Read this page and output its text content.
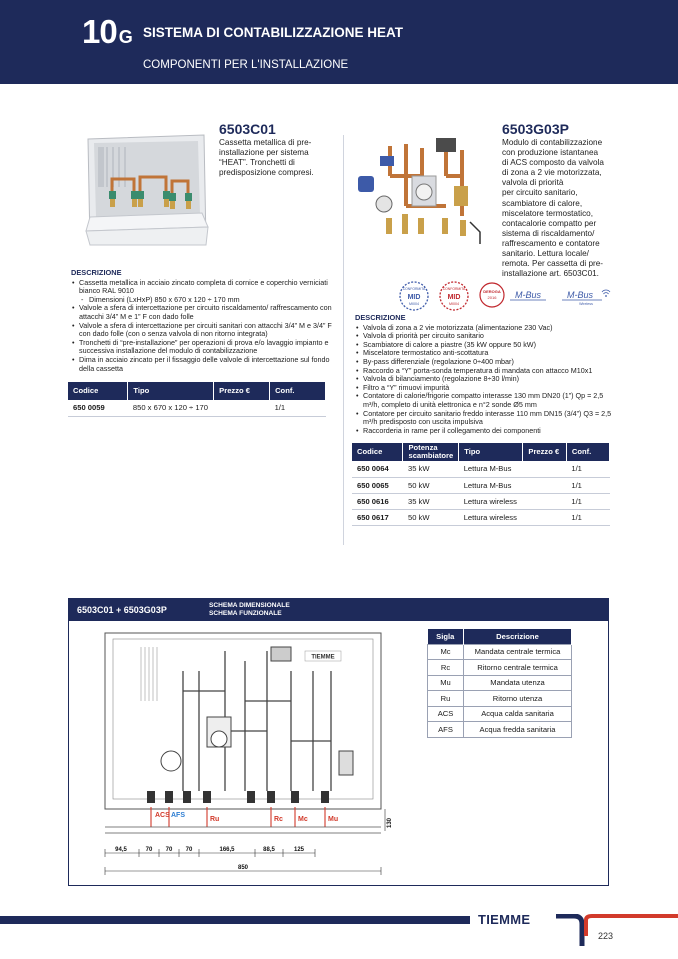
10 G SISTEMA DI CONTABILIZZAZIONE HEAT
COMPONENTI PER L'INSTALLAZIONE
6503C01
Cassetta metallica di pre-
installazione per sistema
“HEAT”. Tronchetti di
predisposizione compresi.
DESCRIZIONE
• Cassetta metallica in acciaio zincato completa di cornice e coperchio verniciati bianco RAL 9010
- Dimensioni (LxHxP) 850 x 670 x 120 ÷ 170 mm
• Valvole a sfera di intercettazione per circuito riscaldamento/ raffrescamento con attacchi 3/4” M e 1” F con dado folle
• Valvole a sfera di intercettazione per circuiti sanitari con attacchi 3/4” M e 3/4” F con dado folle (con o senza valvola di non ritorno integrata)
• Tronchetti di “pre-installazione” per operazioni di prova e/o lavaggio impianto e successiva installazione del modulo di contabilizzazione
• Dima in acciaio zincato per il fissaggio delle valvole di intercettazione sul fondo della cassetta
Codice	Tipo	Prezzo €	Conf.
650 0059	850 x 670 x 120 ÷ 170		1/1
6503G03P
Modulo di contabilizzazione
con produzione istantanea
di ACS composto da valvola
di zona a 2 vie motorizzata,
valvola di priorità
per circuito sanitario,
scambiatore di calore,
miscelatore termostatico,
contacalorie compatto per
sistema di riscaldamento/
raffrescamento e contatore
sanitario. Lettura locale/
remota. Per cassetta di pre-
installazione art. 6503C01.
CONFORMITA
MID
MI004
CONFORMITA
MID
MI004
DEROGA
2016 M-Bus	M-Bus
Wireless
DESCRIZIONE
• Valvola di zona a 2 vie motorizzata (alimentazione 230 Vac)
• Valvola di priorità per circuito sanitario
• Scambiatore di calore a piastre (35 kW oppure 50 kW)
• Miscelatore termostatico anti-scottatura
• By-pass differenziale (regolazione 0÷400 mbar)
• Raccordo a “Y” porta-sonda temperatura di mandata con attacco M10x1
• Valvola di bilanciamento (regolazione 8÷30 l/min)
• Filtro a “Y” rimuovi impurità
• Contatore di calorie/frigorie compatto interasse 130 mm DN20 (1”) Qp = 2,5 m³/h, completo di unità elettronica e n°2 sonde Ø5 mm
• Contatore per circuito sanitario freddo interasse 110 mm DN15 (3/4”) Q3 = 2,5 m³/h predisposto con uscita impulsiva
• Raccorderia in rame per il collegamento dei componenti
Codice	Potenza scambiatore	Tipo	Prezzo €	Conf.
650 0064	35 kW	Lettura M-Bus		1/1
650 0065	50 kW	Lettura M-Bus		1/1
650 0616	35 kW	Lettura wireless		1/1
650 0617	50 kW	Lettura wireless		1/1
6503C01 + 6503G03P	SCHEMA DIMENSIONALE
SCHEMA FUNZIONALE
TIEMME
ACS AFS
Ru	Rc Mc	Mu	130
94,5	70 70 70	166,5	88,5	125
850
Sigla	Descrizione
Mc	Mandata centrale termica
Rc	Ritorno centrale termica
Mu	Mandata utenza
Ru	Ritorno utenza
ACS	Acqua calda sanitaria
AFS	Acqua fredda sanitaria
TIEMME
223
